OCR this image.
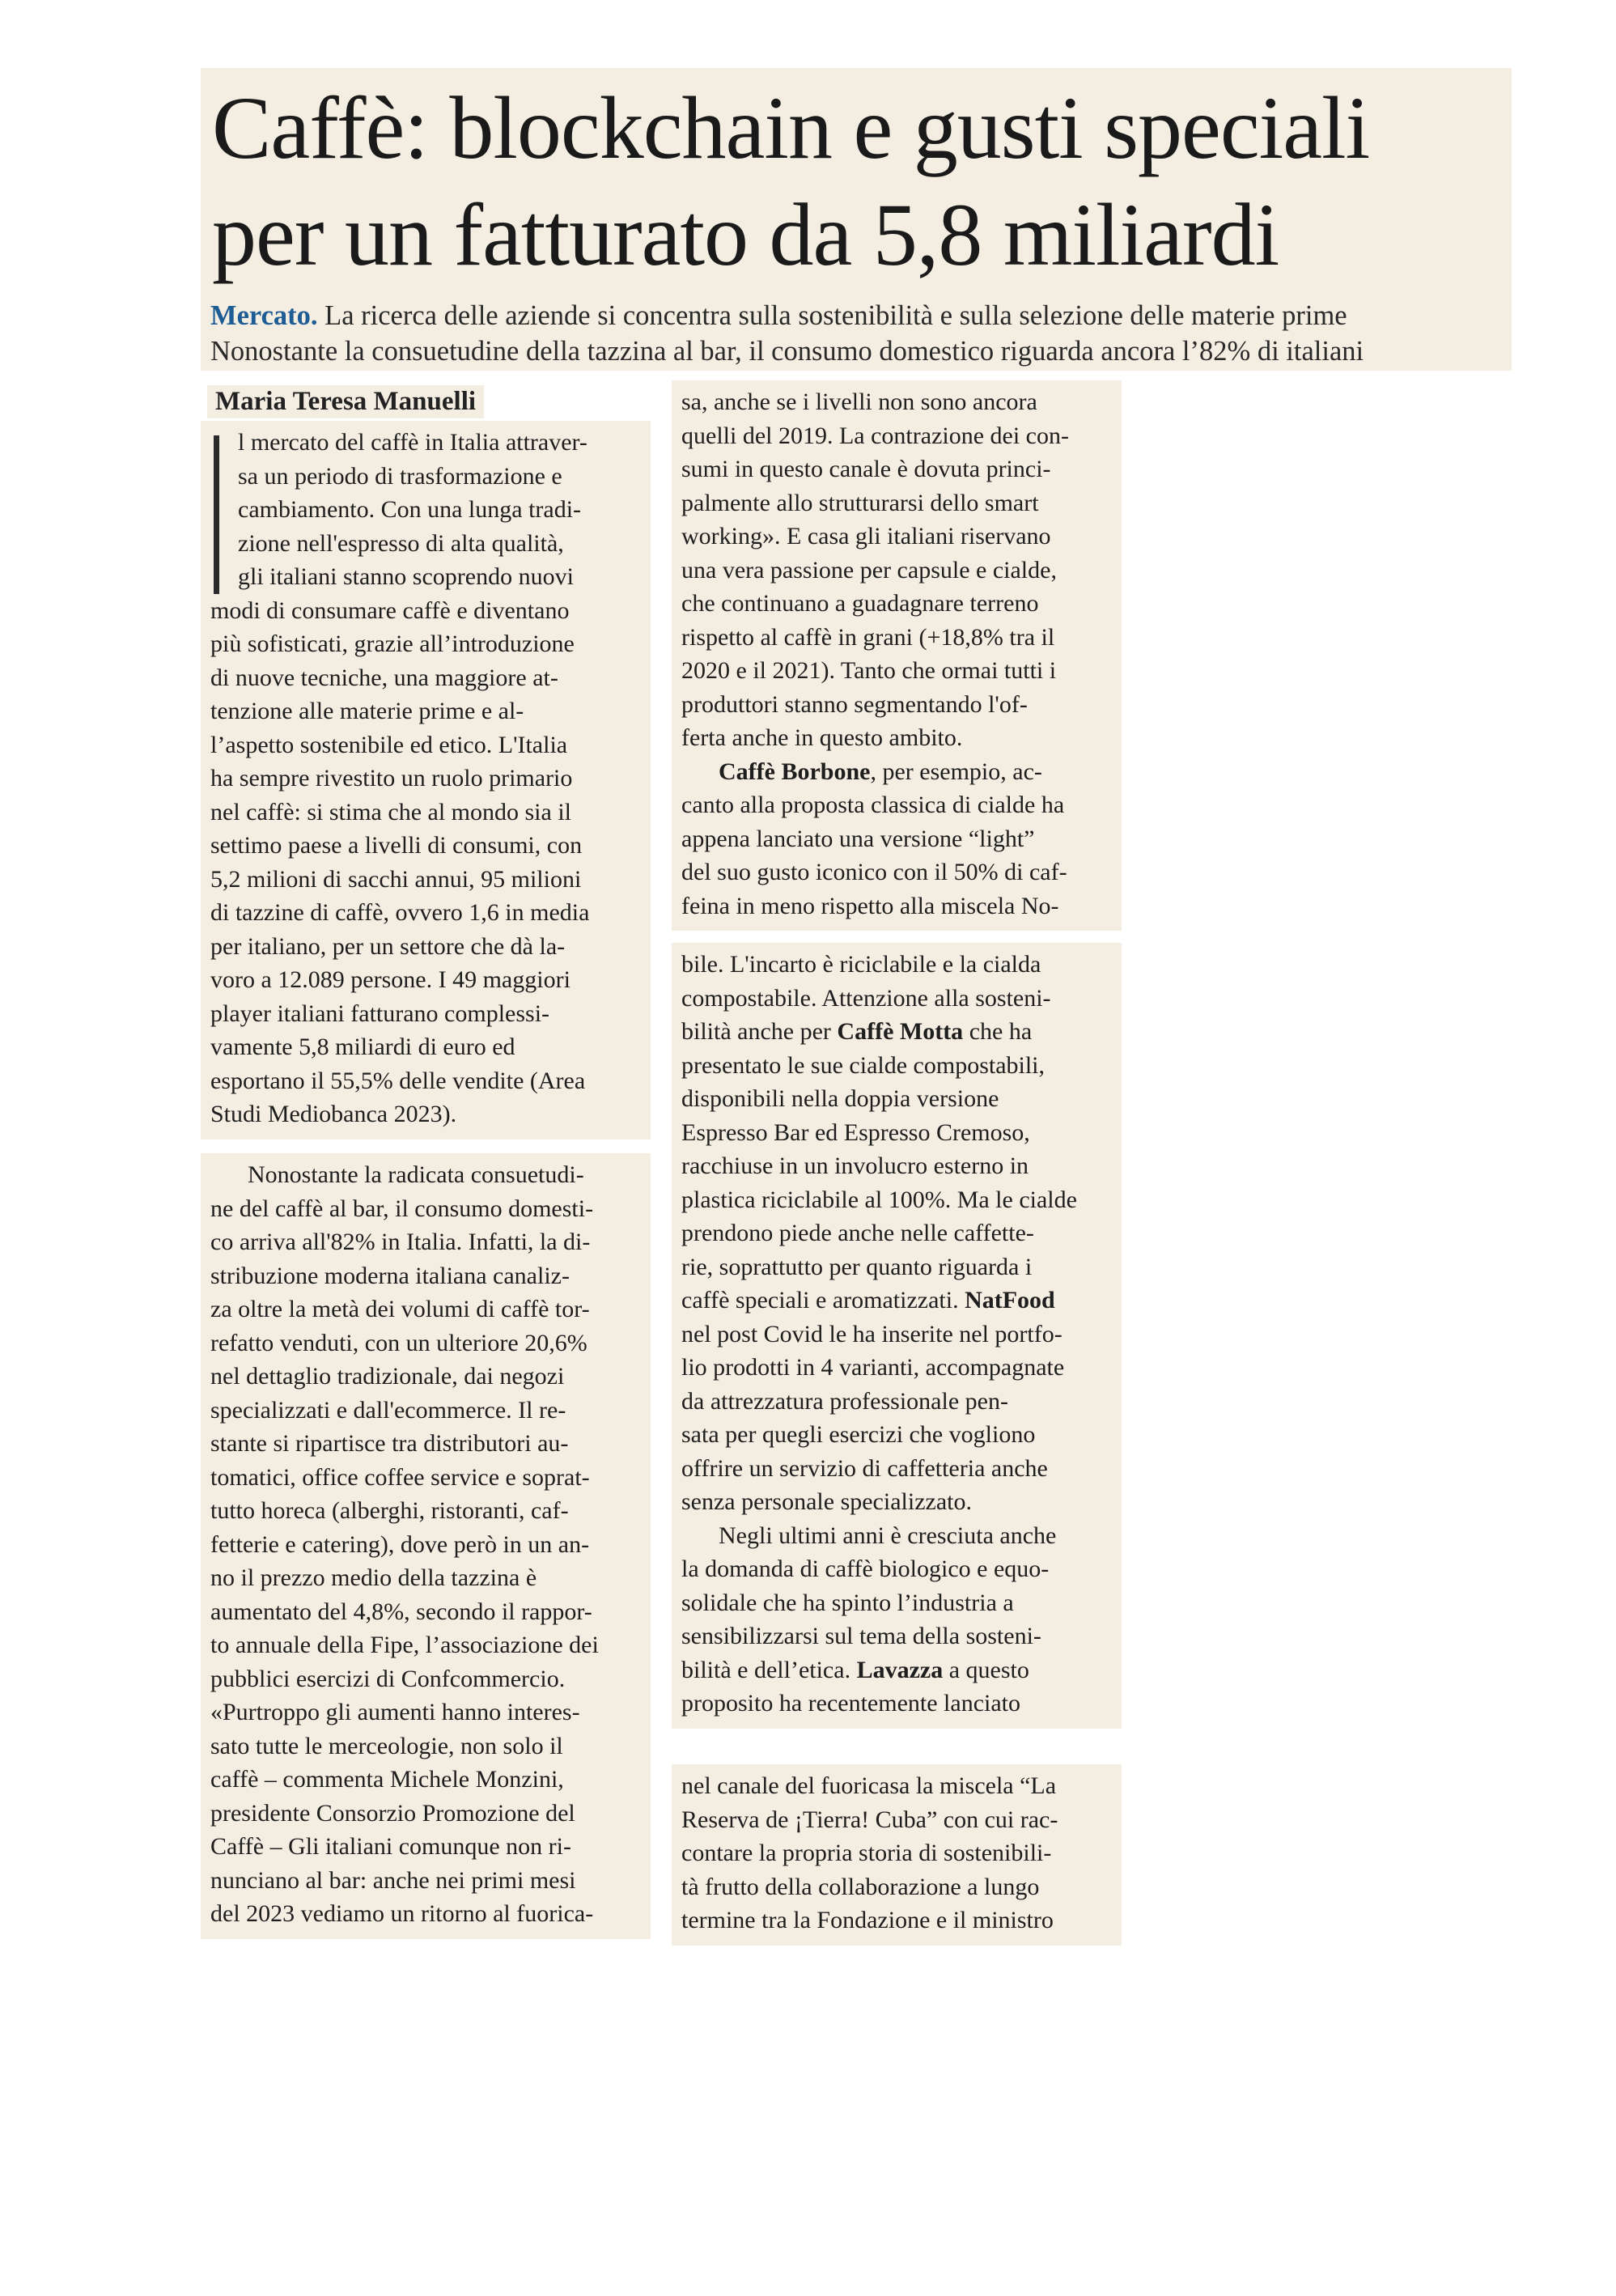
Caffè: blockchain e gusti speciali
per un fatturato da 5,8 miliardi
Mercato. La ricerca delle aziende si concentra sulla sostenibilità e sulla selezione delle materie prime
Nonostante la consuetudine della tazzina al bar, il consumo domestico riguarda ancora l’82% di italiani
Maria Teresa Manuelli
l mercato del caffè in Italia attraver-
sa un periodo di trasformazione e
cambiamento. Con una lunga tradi-
zione nell'espresso di alta qualità,
gli italiani stanno scoprendo nuovi
modi di consumare caffè e diventano
più sofisticati, grazie all’introduzione
di nuove tecniche, una maggiore at-
tenzione alle materie prime e al-
l’aspetto sostenibile ed etico. L'Italia
ha sempre rivestito un ruolo primario
nel caffè: si stima che al mondo sia il
settimo paese a livelli di consumi, con
5,2 milioni di sacchi annui, 95 milioni
di tazzine di caffè, ovvero 1,6 in media
per italiano, per un settore che dà la-
voro a 12.089 persone. I 49 maggiori
player italiani fatturano complessi-
vamente 5,8 miliardi di euro ed
esportano il 55,5% delle vendite (Area
Studi Mediobanca 2023).
Nonostante la radicata consuetudi-
ne del caffè al bar, il consumo domesti-
co arriva all'82% in Italia. Infatti, la di-
stribuzione moderna italiana canaliz-
za oltre la metà dei volumi di caffè tor-
refatto venduti, con un ulteriore 20,6%
nel dettaglio tradizionale, dai negozi
specializzati e dall'ecommerce. Il re-
stante si ripartisce tra distributori au-
tomatici, office coffee service e soprat-
tutto horeca (alberghi, ristoranti, caf-
fetterie e catering), dove però in un an-
no il prezzo medio della tazzina è
aumentato del 4,8%, secondo il rappor-
to annuale della Fipe, l’associazione dei
pubblici esercizi di Confcommercio.
«Purtroppo gli aumenti hanno interes-
sato tutte le merceologie, non solo il
caffè – commenta Michele Monzini,
presidente Consorzio Promozione del
Caffè – Gli italiani comunque non ri-
nunciano al bar: anche nei primi mesi
del 2023 vediamo un ritorno al fuorica-
sa, anche se i livelli non sono ancora
quelli del 2019. La contrazione dei con-
sumi in questo canale è dovuta princi-
palmente allo strutturarsi dello smart
working». E casa gli italiani riservano
una vera passione per capsule e cialde,
che continuano a guadagnare terreno
rispetto al caffè in grani (+18,8% tra il
2020 e il 2021). Tanto che ormai tutti i
produttori stanno segmentando l'of-
ferta anche in questo ambito.
Caffè Borbone, per esempio, ac-
canto alla proposta classica di cialde ha
appena lanciato una versione “light”
del suo gusto iconico con il 50% di caf-
feina in meno rispetto alla miscela No-
bile. L'incarto è riciclabile e la cialda
compostabile. Attenzione alla sosteni-
bilità anche per Caffè Motta che ha
presentato le sue cialde compostabili,
disponibili nella doppia versione
Espresso Bar ed Espresso Cremoso,
racchiuse in un involucro esterno in
plastica riciclabile al 100%. Ma le cialde
prendono piede anche nelle caffette-
rie, soprattutto per quanto riguarda i
caffè speciali e aromatizzati. NatFood
nel post Covid le ha inserite nel portfo-
lio prodotti in 4 varianti, accompagnate
da attrezzatura professionale pen-
sata per quegli esercizi che vogliono
offrire un servizio di caffetteria anche
senza personale specializzato.
Negli ultimi anni è cresciuta anche
la domanda di caffè biologico e equo-
solidale che ha spinto l’industria a
sensibilizzarsi sul tema della sosteni-
bilità e dell’etica. Lavazza a questo
proposito ha recentemente lanciato
nel canale del fuoricasa la miscela “La
Reserva de ¡Tierra! Cuba” con cui rac-
contare la propria storia di sostenibili-
tà frutto della collaborazione a lungo
termine tra la Fondazione e il ministro
